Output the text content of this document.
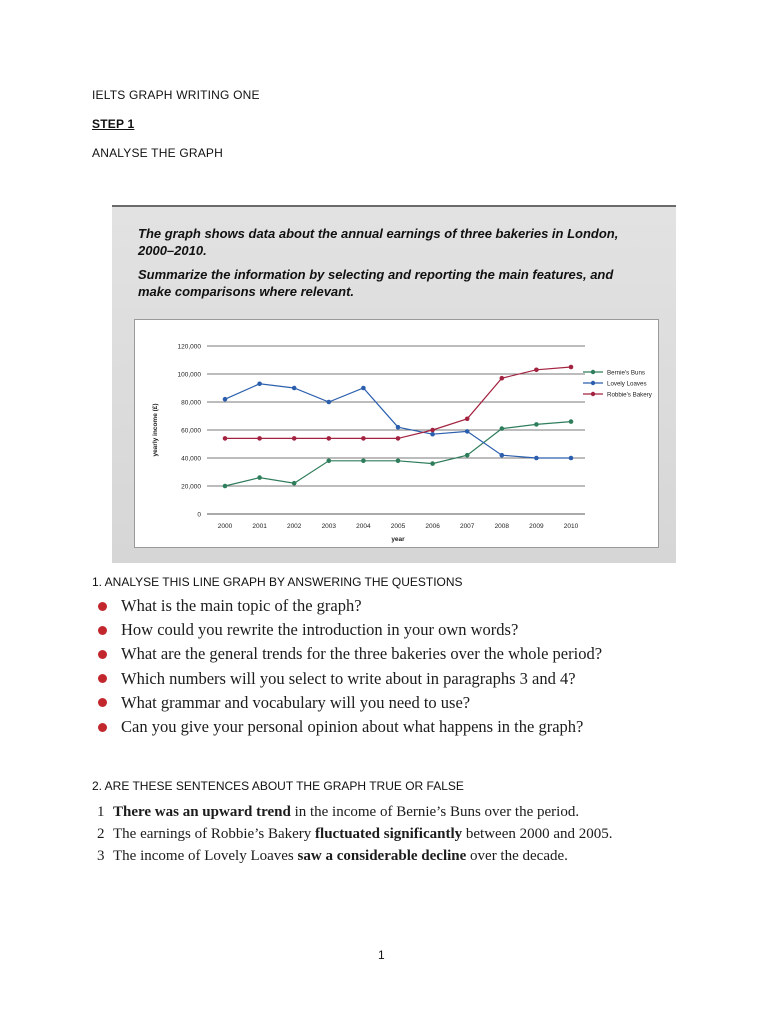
IELTS GRAPH WRITING ONE
STEP 1
ANALYSE THE GRAPH
The graph shows data about the annual earnings of three bakeries in London,
2000–2010.
Summarize the information by selecting and reporting the main features, and
make comparisons where relevant.
0
20,000
40,000
60,000
80,000
100,000
120,000
2000	2001	2002	2003	2004	2005	2006	2007	2008	2009	2010
year
yearly income (£)
Bernie's Buns
Lovely Loaves
Robbie's Bakery
1. ANALYSE THIS LINE GRAPH BY ANSWERING THE QUESTIONS
What is the main topic of the graph?
How could you rewrite the introduction in your own words?
What are the general trends for the three bakeries over the whole period?
Which numbers will you select to write about in paragraphs 3 and 4?
What grammar and vocabulary will you need to use?
Can you give your personal opinion about what happens in the graph?
2. ARE THESE SENTENCES ABOUT THE GRAPH TRUE OR FALSE
1 There was an upward trend in the income of Bernie’s Buns over the period.
2 The earnings of Robbie’s Bakery fluctuated significantly between 2000 and 2005.
3 The income of Lovely Loaves saw a considerable decline over the decade.
1
